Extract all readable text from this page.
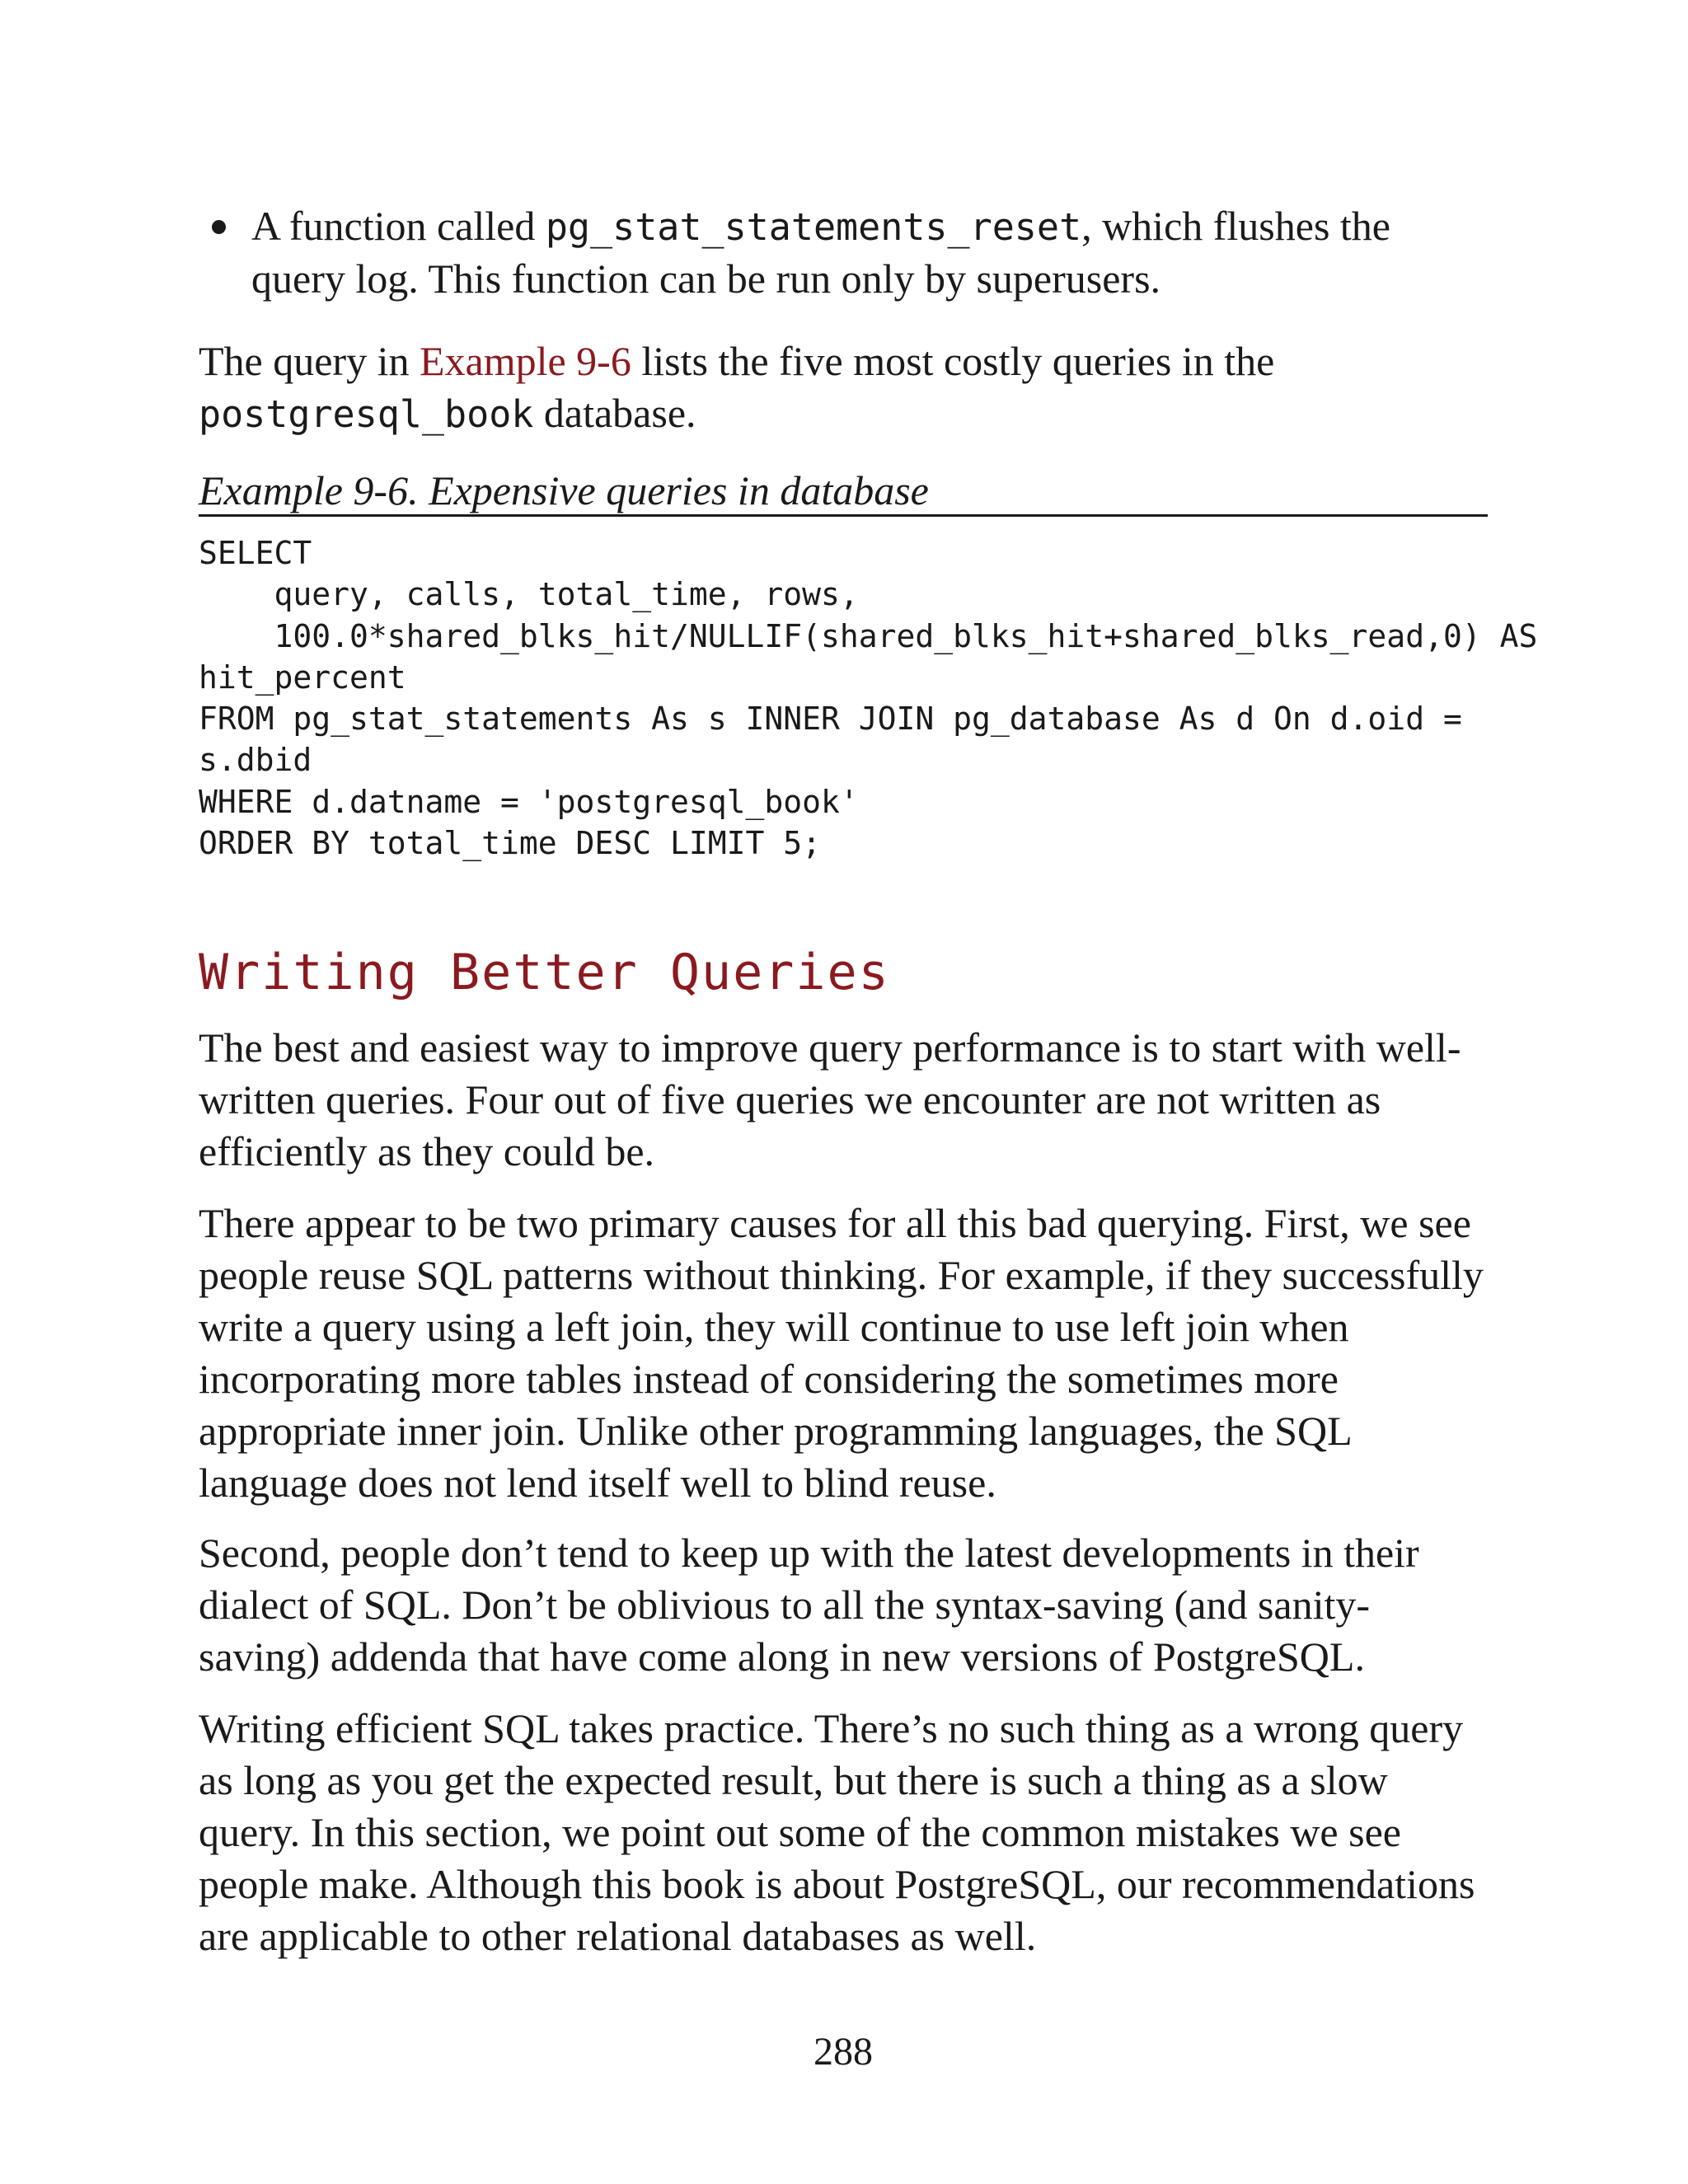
A function called pg_stat_statements_reset, which flushes the query log. This function can be run only by superusers.

The query in Example 9-6 lists the five most costly queries in the
postgresql_book database.

Example 9-6. Expensive queries in database
SELECT
query, calls, total_time, rows,
100.0*shared_blks_hit/NULLIF(shared_blks_hit+shared_blks_read,0) AS
hit_percent
FROM pg_stat_statements As s INNER JOIN pg_database As d On d.oid =
s.dbid
WHERE d.datname = 'postgresql_book'
ORDER BY total_time DESC LIMIT 5;
Writing Better Queries

The best and easiest way to improve query performance is to start with well-written queries. Four out of five queries we encounter are not written as efficiently as they could be.

There appear to be two primary causes for all this bad querying. First, we see people reuse SQL patterns without thinking. For example, if they successfully write a query using a left join, they will continue to use left join when incorporating more tables instead of considering the sometimes more appropriate inner join. Unlike other programming languages, the SQL language does not lend itself well to blind reuse.

Second, people don’t tend to keep up with the latest developments in their dialect of SQL. Don’t be oblivious to all the syntax-saving (and sanity-saving) addenda that have come along in new versions of PostgreSQL.

Writing efficient SQL takes practice. There’s no such thing as a wrong query as long as you get the expected result, but there is such a thing as a slow query. In this section, we point out some of the common mistakes we see people make. Although this book is about PostgreSQL, our recommendations are applicable to other relational databases as well.

288
